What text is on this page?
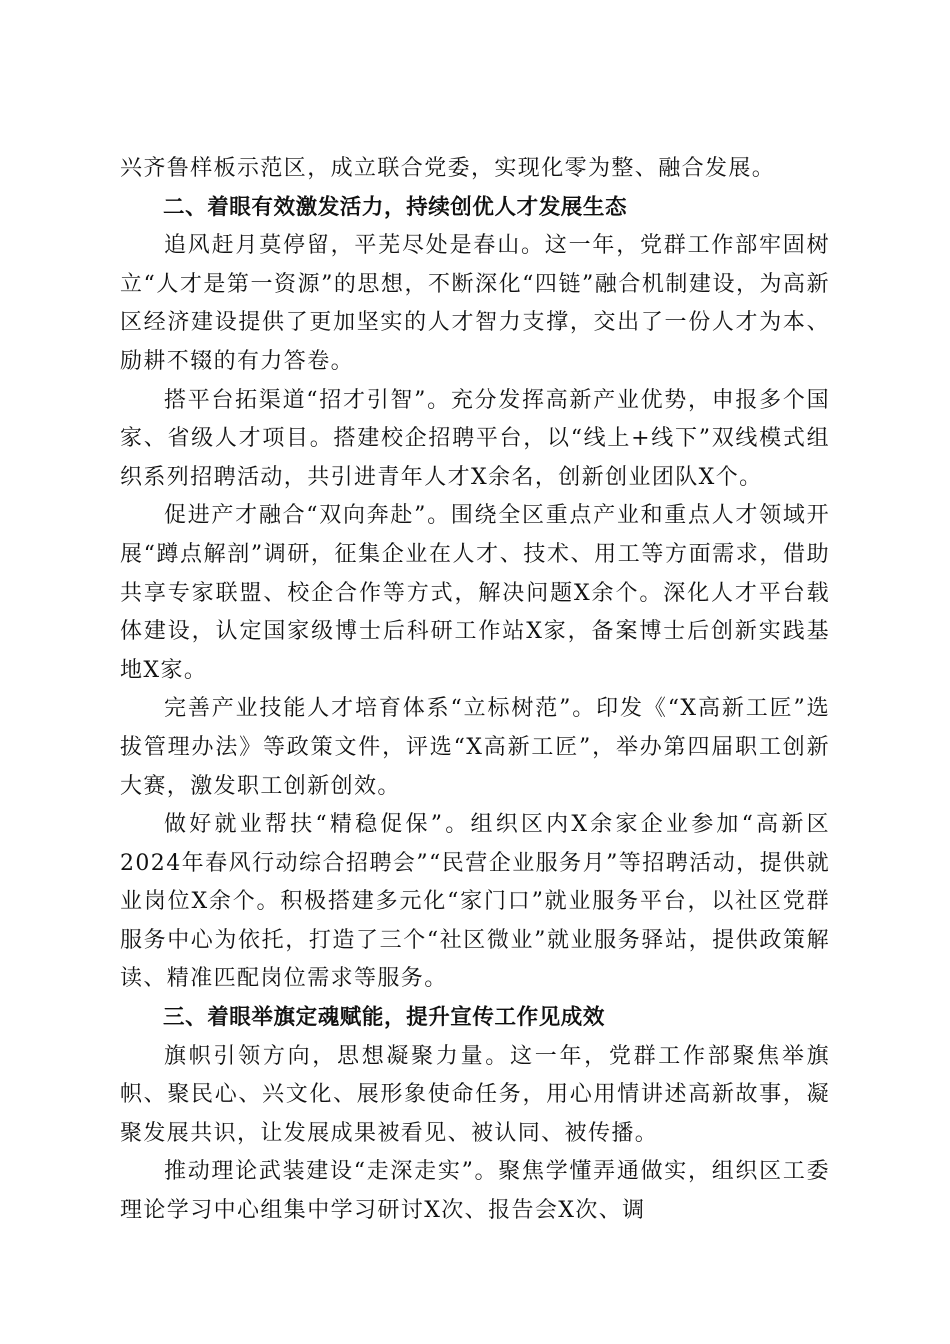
兴齐鲁样板示范区，成立联合党委，实现化零为整、融合发展。

二、着眼有效激发活力，持续创优人才发展生态

追风赶月莫停留，平芜尽处是春山。这一年，党群工作部牢固树立“人才是第一资源”的思想，不断深化“四链”融合机制建设，为高新区经济建设提供了更加坚实的人才智力支撑，交出了一份人才为本、励耕不辍的有力答卷。

搭平台拓渠道“招才引智”。充分发挥高新产业优势，申报多个国家、省级人才项目。搭建校企招聘平台，以“线上+线下”双线模式组织系列招聘活动，共引进青年人才X余名，创新创业团队X个。

促进产才融合“双向奔赴”。围绕全区重点产业和重点人才领域开展“蹲点解剖”调研，征集企业在人才、技术、用工等方面需求，借助共享专家联盟、校企合作等方式，解决问题X余个。深化人才平台载体建设，认定国家级博士后科研工作站X家，备案博士后创新实践基地X家。

完善产业技能人才培育体系“立标树范”。印发《“X高新工匠”选拔管理办法》等政策文件，评选“X高新工匠”，举办第四届职工创新大赛，激发职工创新创效。

做好就业帮扶“精稳促保”。组织区内X余家企业参加“高新区2024年春风行动综合招聘会”“民营企业服务月”等招聘活动，提供就业岗位X余个。积极搭建多元化“家门口”就业服务平台，以社区党群服务中心为依托，打造了三个“社区微业”就业服务驿站，提供政策解读、精准匹配岗位需求等服务。

三、着眼举旗定魂赋能，提升宣传工作见成效

旗帜引领方向，思想凝聚力量。这一年，党群工作部聚焦举旗帜、聚民心、兴文化、展形象使命任务，用心用情讲述高新故事，凝聚发展共识，让发展成果被看见、被认同、被传播。

推动理论武装建设“走深走实”。聚焦学懂弄通做实，组织区工委理论学习中心组集中学习研讨X次、报告会X次、调
